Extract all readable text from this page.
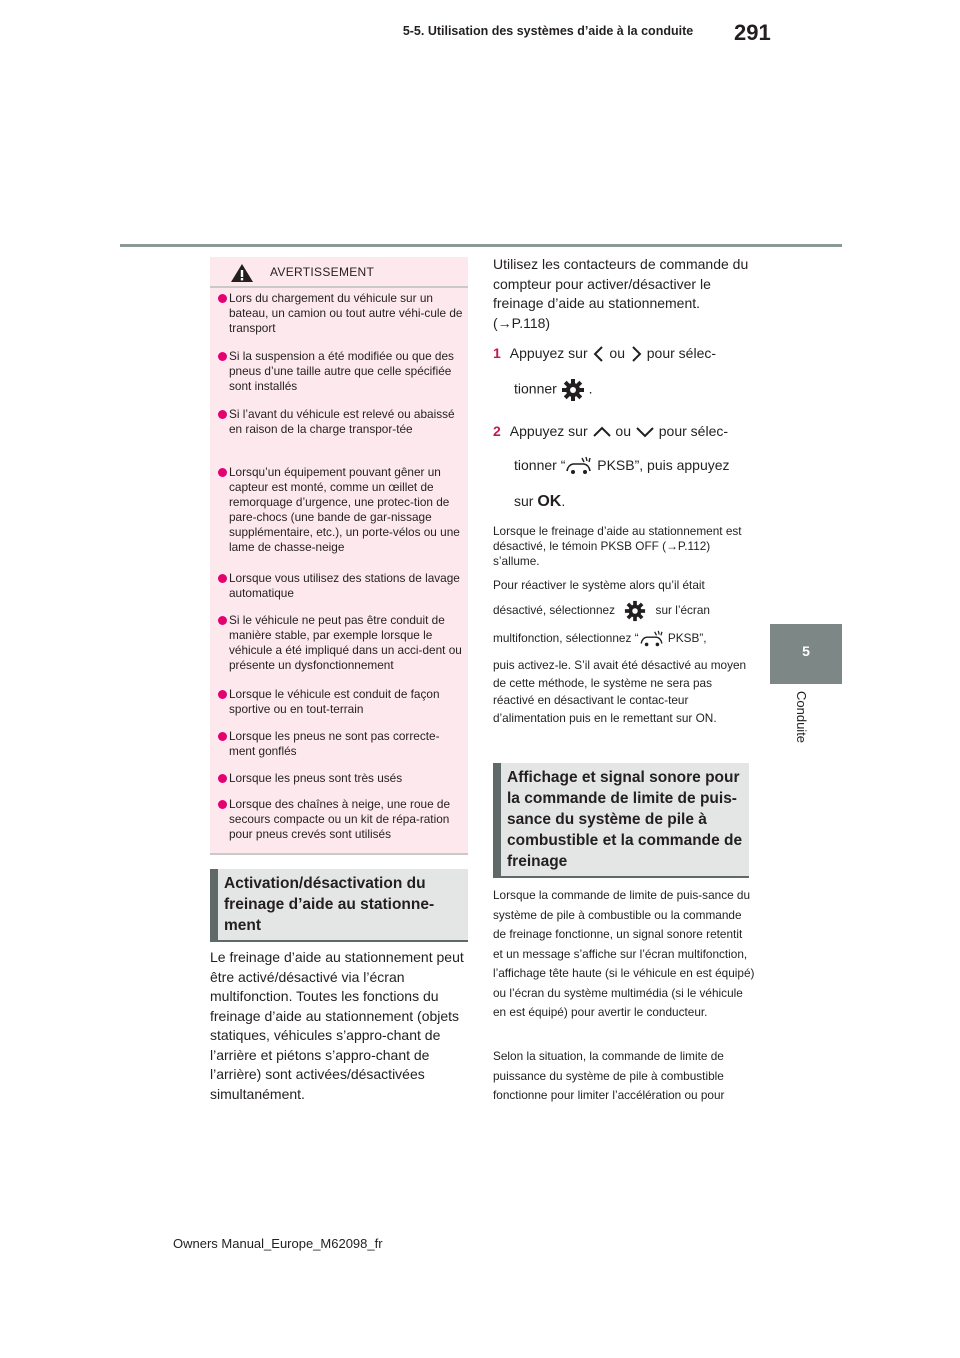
5-5. Utilisation des systèmes d’aide à la conduite	291
5
Conduite
AVERTISSEMENT
Lors du chargement du véhicule sur un bateau, un camion ou tout autre véhi-cule de transport
Si la suspension a été modifiée ou que des pneus d’une taille autre que celle spécifiée sont installés
Si l’avant du véhicule est relevé ou abaissé en raison de la charge transpor-tée
Lorsqu’un équipement pouvant gêner un capteur est monté, comme un œillet de remorquage d’urgence, une protec-tion de pare-chocs (une bande de gar-nissage supplémentaire, etc.), un porte-vélos ou une lame de chasse-neige
Lorsque vous utilisez des stations de lavage automatique
Si le véhicule ne peut pas être conduit de manière stable, par exemple lorsque le véhicule a été impliqué dans un acci-dent ou présente un dysfonctionnement
Lorsque le véhicule est conduit de façon sportive ou en tout-terrain
Lorsque les pneus ne sont pas correcte-ment gonflés
Lorsque les pneus sont très usés
Lorsque des chaînes à neige, une roue de secours compacte ou un kit de répa-ration pour pneus crevés sont utilisés
Activation/désactivation du freinage d’aide au stationne-ment
Le freinage d’aide au stationnement peut être activé/désactivé via l’écran multifonction. Toutes les fonctions du freinage d’aide au stationnement (objets statiques, véhicules s’appro-chant de l’arrière et piétons s’appro-chant de l’arrière) sont activées/désactivées simultanément.
Utilisez les contacteurs de commande du compteur pour activer/désactiver le freinage d’aide au stationnement.
(→P.118)
1 Appuyez sur ou pour sélec-
tionner .
2 Appuyez sur ou pour sélec-
tionner “ PKSB”, puis appuyez
sur OK.
Lorsque le freinage d’aide au stationnement est désactivé, le témoin PKSB OFF (→P.112) s’allume.
Pour réactiver le système alors qu’il était
désactivé, sélectionnez	sur l’écran
multifonction, sélectionnez “ PKSB”,
puis activez-le. S’il avait été désactivé au moyen de cette méthode, le système ne sera pas réactivé en désactivant le contac-teur d’alimentation puis en le remettant sur ON.
Affichage et signal sonore pour la commande de limite de puis-sance du système de pile à combustible et la commande de freinage
Lorsque la commande de limite de puis-sance du système de pile à combustible ou la commande de freinage fonctionne, un signal sonore retentit et un message s’affiche sur l’écran multifonction, l’affichage tête haute (si le véhicule en est équipé) ou l’écran du système multimédia (si le véhicule en est équipé) pour avertir le conducteur.
Selon la situation, la commande de limite de puissance du système de pile à combustible fonctionne pour limiter l’accélération ou pour
Owners Manual_Europe_M62098_fr
